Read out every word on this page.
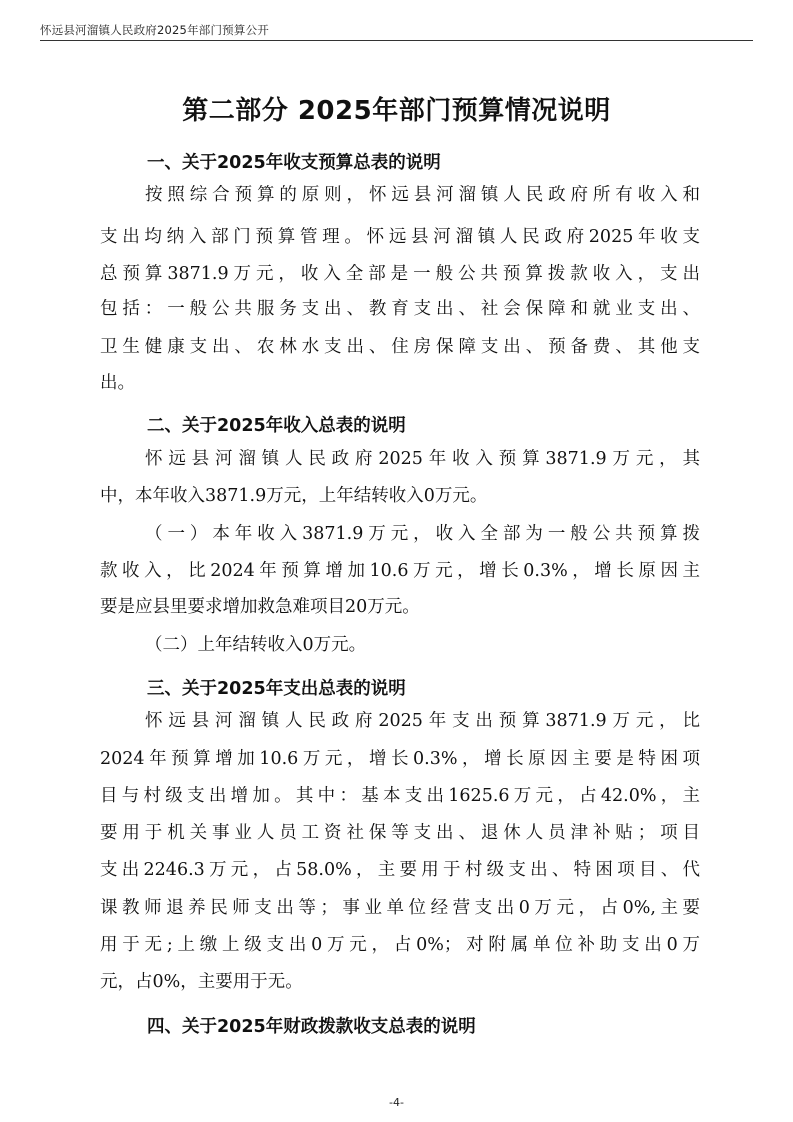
怀远县河溜镇人民政府2025年部门预算公开
第二部分 2025年部门预算情况说明
一、关于2025年收支预算总表的说明
按照综合预算的原则，怀远县河溜镇人民政府所有收入和
支出均纳入部门预算管理。怀远县河溜镇人民政府2025年收支
总预算3871.9万元，收入全部是一般公共预算拨款收入，支出
包括：一般公共服务支出、教育支出、社会保障和就业支出、
卫生健康支出、农林水支出、住房保障支出、预备费、其他支
出。
二、关于2025年收入总表的说明
怀远县河溜镇人民政府2025年收入预算3871.9万元，其
中，本年收入3871.9万元，上年结转收入0万元。
（一）本年收入3871.9万元，收入全部为一般公共预算拨
款收入，比2024年预算增加10.6万元，增长0.3%，增长原因主
要是应县里要求增加救急难项目20万元。
（二）上年结转收入0万元。
三、关于2025年支出总表的说明
怀远县河溜镇人民政府2025年支出预算3871.9万元，比
2024年预算增加10.6万元，增长0.3%，增长原因主要是特困项
目与村级支出增加。其中：基本支出1625.6万元，占42.0%，主
要用于机关事业人员工资社保等支出、退休人员津补贴；项目
支出2246.3万元，占58.0%，主要用于村级支出、特困项目、代
课教师退养民师支出等；事业单位经营支出0万元，占0%,主要
用于无;上缴上级支出0万元，占0%；对附属单位补助支出0万
元，占0%，主要用于无。
四、关于2025年财政拨款收支总表的说明
-4-
